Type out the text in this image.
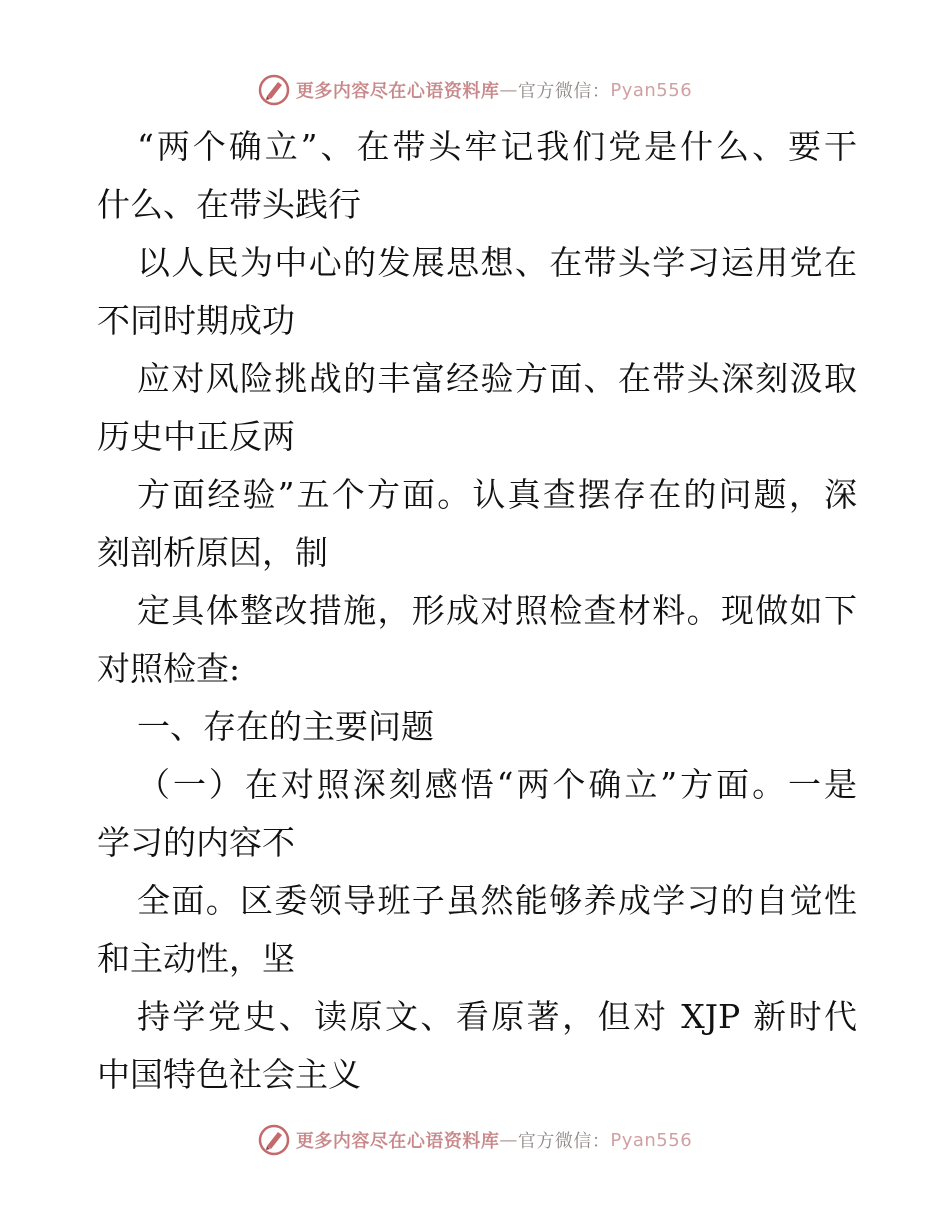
更多内容尽在心语资料库 — 官方微信： Pyan556
“两个确立”、在带头牢记我们党是什么、要干
什么、在带头践行
以人民为中心的发展思想、在带头学习运用党在
不同时期成功
应对风险挑战的丰富经验方面、在带头深刻汲取
历史中正反两
方面经验”五个方面。认真查摆存在的问题，深
刻剖析原因，制
定具体整改措施，形成对照检查材料。现做如下
对照检查:
一、存在的主要问题
（一）在对照深刻感悟“两个确立”方面。一是
学习的内容不
全面。区委领导班子虽然能够养成学习的自觉性
和主动性，坚
持学党史、读原文、看原著，但对 XJP 新时代
中国特色社会主义
更多内容尽在心语资料库 — 官方微信： Pyan556
